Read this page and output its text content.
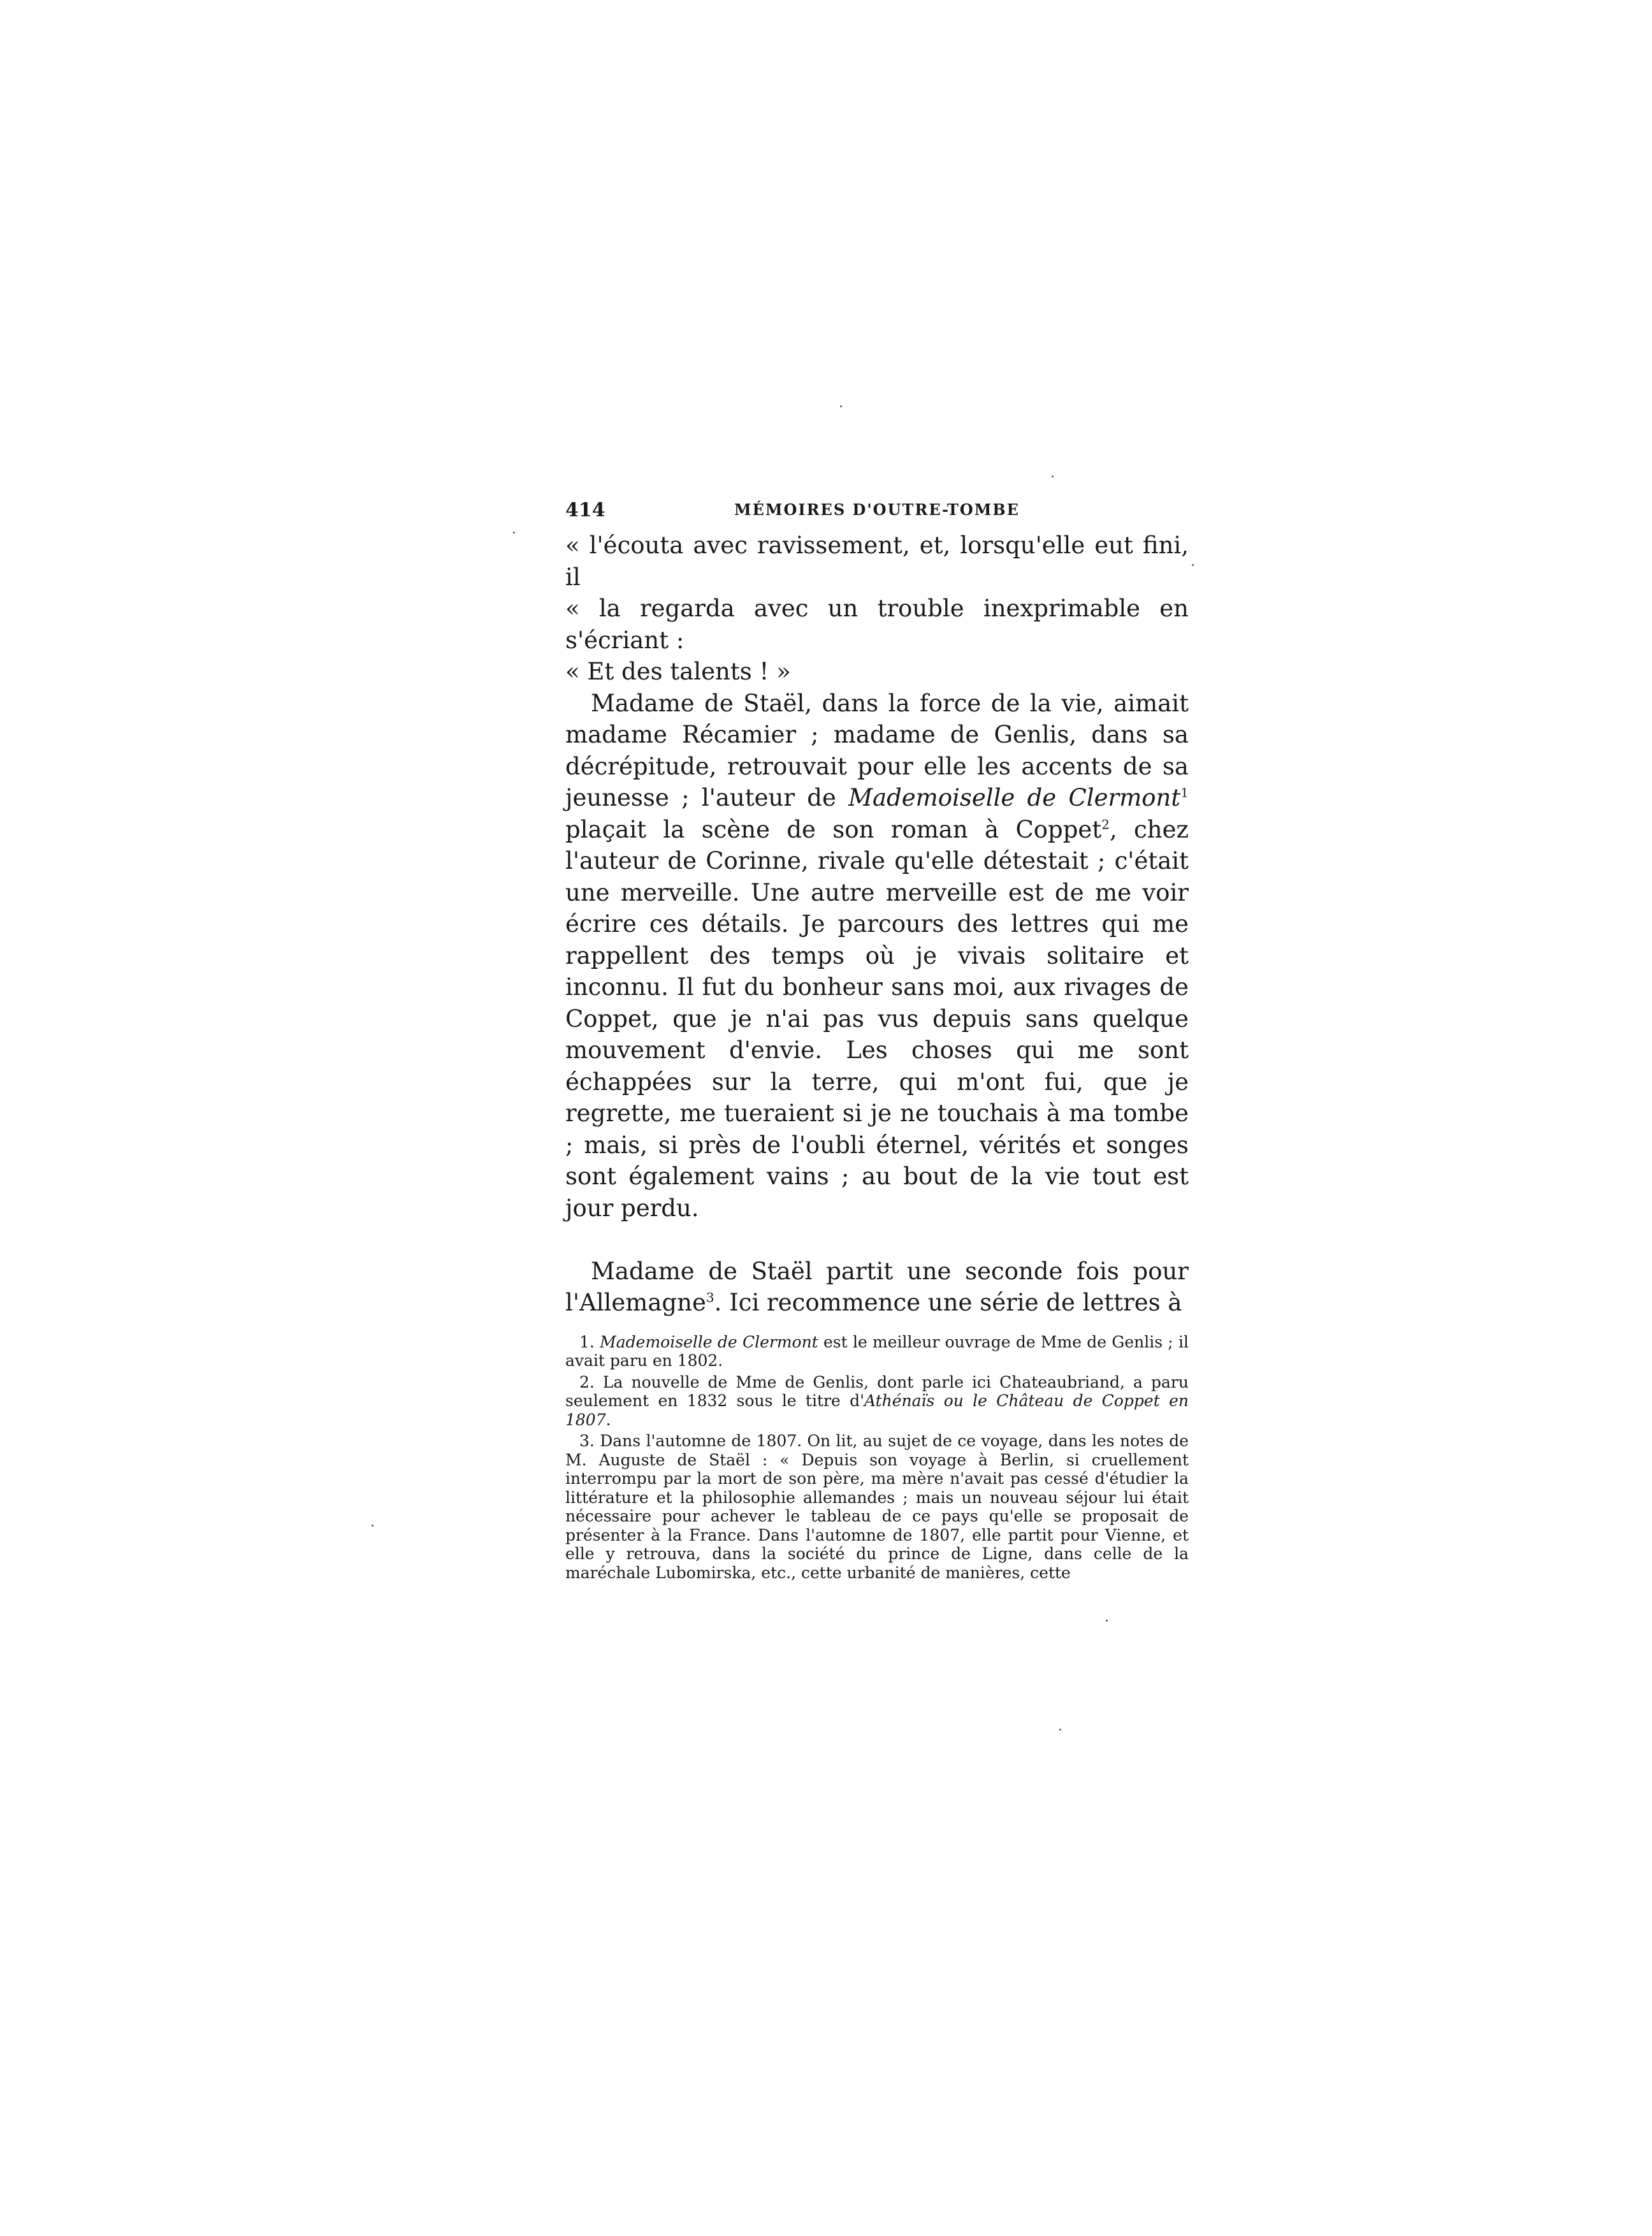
414	MÉMOIRES D'OUTRE-TOMBE

« l'écouta avec ravissement, et, lorsqu'elle eut fini, il

« la regarda avec un trouble inexprimable en s'écriant :

« Et des talents ! »

Madame de Staël, dans la force de la vie, aimait madame Récamier ; madame de Genlis, dans sa décrépitude, retrouvait pour elle les accents de sa jeunesse ; l'auteur de Mademoiselle de Clermont$^1$ plaçait la scène de son roman à Coppet$^2$, chez l'auteur de Corinne, rivale qu'elle détestait ; c'était une merveille. Une autre merveille est de me voir écrire ces détails. Je parcours des lettres qui me rappellent des temps où je vivais solitaire et inconnu. Il fut du bonheur sans moi, aux rivages de Coppet, que je n'ai pas vus depuis sans quelque mouvement d'envie. Les choses qui me sont échappées sur la terre, qui m'ont fui, que je regrette, me tueraient si je ne touchais à ma tombe ; mais, si près de l'oubli éternel, vérités et songes sont également vains ; au bout de la vie tout est jour perdu.

Madame de Staël partit une seconde fois pour l'Allemagne$^3$. Ici recommence une série de lettres à

1. Mademoiselle de Clermont est le meilleur ouvrage de Mme de Genlis ; il avait paru en 1802.

2. La nouvelle de Mme de Genlis, dont parle ici Chateaubriand, a paru seulement en 1832 sous le titre d'Athénaïs ou le Château de Coppet en 1807.

3. Dans l'automne de 1807. On lit, au sujet de ce voyage, dans les notes de M. Auguste de Staël : « Depuis son voyage à Berlin, si cruellement interrompu par la mort de son père, ma mère n'avait pas cessé d'étudier la littérature et la philosophie allemandes ; mais un nouveau séjour lui était nécessaire pour achever le tableau de ce pays qu'elle se proposait de présenter à la France. Dans l'automne de 1807, elle partit pour Vienne, et elle y retrouva, dans la société du prince de Ligne, dans celle de la maréchale Lubomirska, etc., cette urbanité de manières, cette
